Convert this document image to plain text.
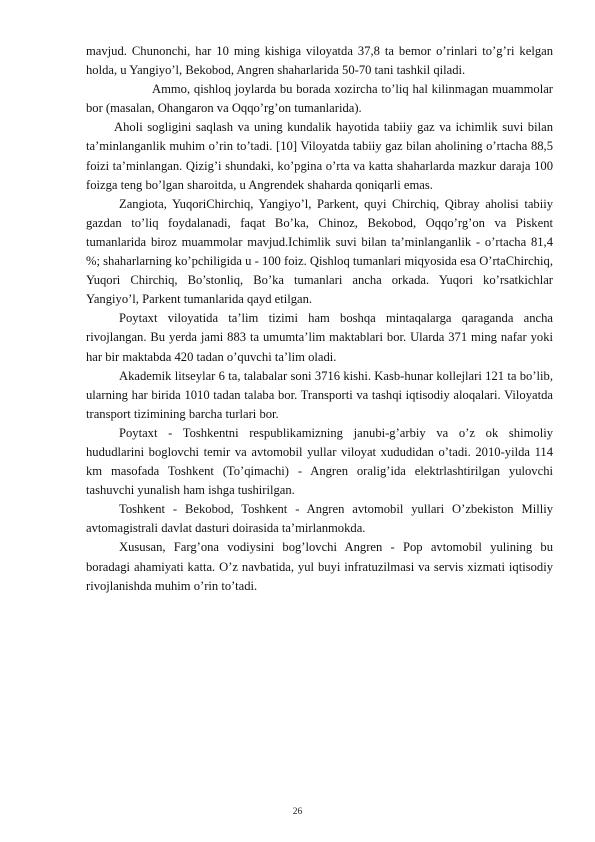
mavjud. Chunonchi, har 10 ming kishiga viloyatda 37,8 ta bemor o’rinlari to’g’ri kelgan holda, u Yangiyo’l, Bekobod, Angren shaharlarida 50-70 tani tashkil qiladi.

Ammo, qishloq joylarda bu borada xozircha to’liq hal kilinmagan muammolar bor (masalan, Ohangaron va Oqqo’rg’on tumanlarida).

Aholi sogligini saqlash va uning kundalik hayotida tabiiy gaz va ichimlik suvi bilan ta’minlanganlik muhim o’rin to’tadi. [10] Viloyatda tabiiy gaz bilan aholining o’rtacha 88,5 foizi ta’minlangan. Qizig’i shundaki, ko’pgina o’rta va katta shaharlarda mazkur daraja 100 foizga teng bo’lgan sharoitda, u Angrendek shaharda qoniqarli emas.

Zangiota, YuqoriChirchiq, Yangiyo’l, Parkent, quyi Chirchiq, Qibray aholisi tabiiy gazdan to’liq foydalanadi, faqat Bo’ka, Chinoz, Bekobod, Oqqo’rg’on va Piskent tumanlarida biroz muammolar mavjud.Ichimlik suvi bilan ta’minlanganlik - o’rtacha 81,4 %; shaharlarning ko’pchiligida u - 100 foiz. Qishloq tumanlari miqyosida esa O’rtaChirchiq, Yuqori Chirchiq, Bo’stonliq, Bo’ka tumanlari ancha orkada. Yuqori ko’rsatkichlar Yangiyo’l, Parkent tumanlarida qayd etilgan.

Poytaxt viloyatida ta’lim tizimi ham boshqa mintaqalarga qaraganda ancha rivojlangan. Bu yerda jami 883 ta umumta’lim maktablari bor. Ularda 371 ming nafar yoki har bir maktabda 420 tadan o’quvchi ta’lim oladi.

Akademik litseylar 6 ta, talabalar soni 3716 kishi. Kasb-hunar kollejlari 121 ta bo’lib, ularning har birida 1010 tadan talaba bor. Transporti va tashqi iqtisodiy aloqalari. Viloyatda transport tizimining barcha turlari bor.

Poytaxt - Toshkentni respublikamizning janubi-g’arbiy va o’z ok shimoliy hududlarini boglovchi temir va avtomobil yullar viloyat xududidan o’tadi. 2010-yilda 114 km masofada Toshkent (To’qimachi) - Angren oralig’ida elektrlashtirilgan yulovchi tashuvchi yunalish ham ishga tushirilgan.

Toshkent - Bekobod, Toshkent - Angren avtomobil yullari O’zbekiston Milliy avtomagistrali davlat dasturi doirasida ta’mirlanmokda.

Xususan, Farg’ona vodiysini bog’lovchi Angren - Pop avtomobil yulining bu boradagi ahamiyati katta. O’z navbatida, yul buyi infratuzilmasi va servis xizmati iqtisodiy rivojlanishda muhim o’rin to’tadi.

26
